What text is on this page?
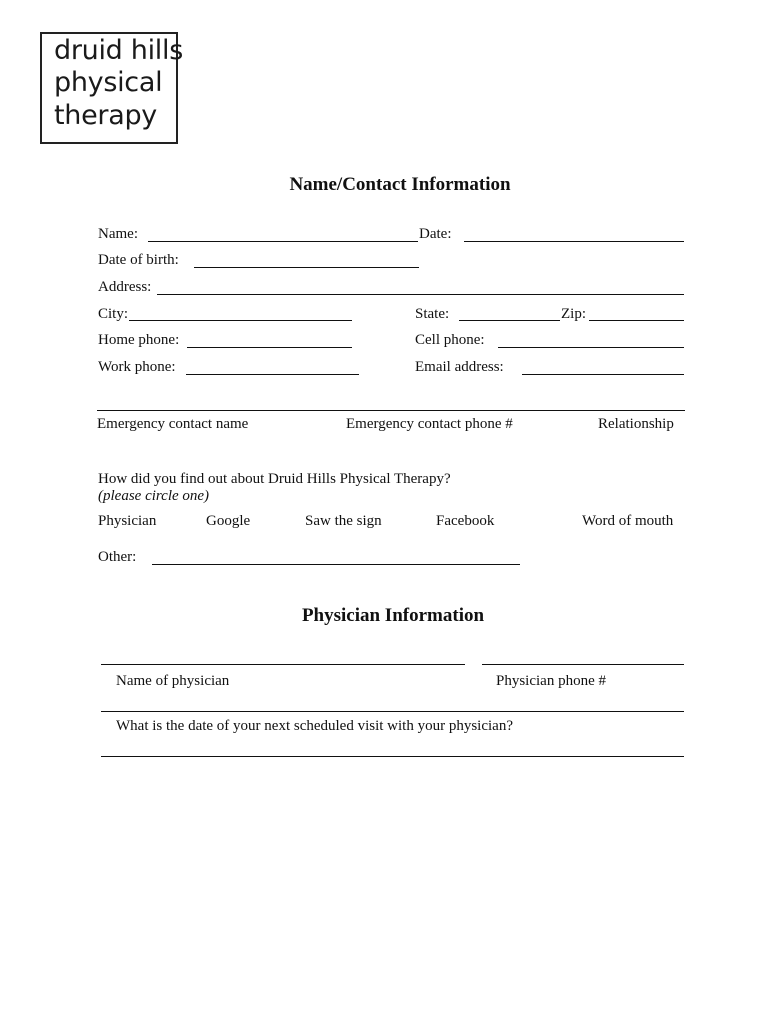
druid hills
physical
therapy
Name/Contact Information
Name:	Date:
Date of birth:
Address:
City:	State:	Zip:
Home phone:	Cell phone:
Work phone:	Email address:
Emergency contact name	Emergency contact phone #	Relationship
How did you find out about Druid Hills Physical Therapy?
(please circle one)
Physician	Google	Saw the sign	Facebook	Word of mouth
Other:
Physician Information
Name of physician	Physician phone #
What is the date of your next scheduled visit with your physician?
